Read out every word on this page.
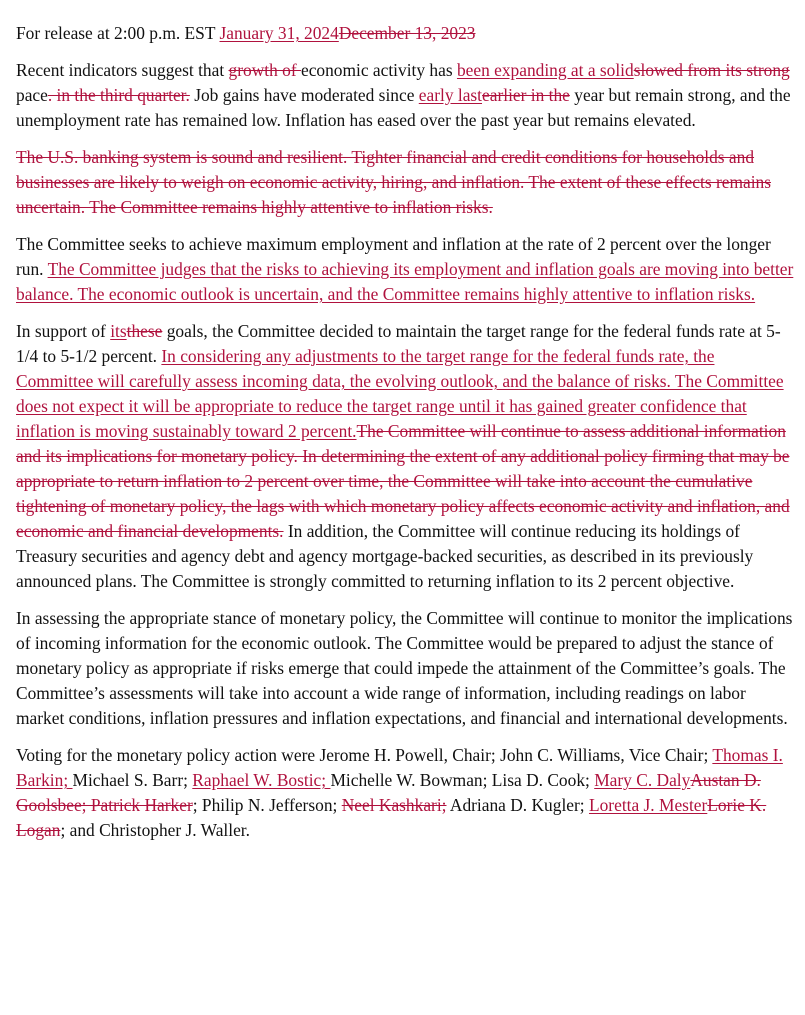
For release at 2:00 p.m. EST January 31, 2024December 13, 2023

Recent indicators suggest that growth of economic activity has been expanding at a solidslowed from its strong pace. in the third quarter. Job gains have moderated since early lastearlier in the year but remain strong, and the unemployment rate has remained low. Inflation has eased over the past year but remains elevated.

The U.S. banking system is sound and resilient. Tighter financial and credit conditions for households and businesses are likely to weigh on economic activity, hiring, and inflation. The extent of these effects remains uncertain. The Committee remains highly attentive to inflation risks.

The Committee seeks to achieve maximum employment and inflation at the rate of 2 percent over the longer run. The Committee judges that the risks to achieving its employment and inflation goals are moving into better balance. The economic outlook is uncertain, and the Committee remains highly attentive to inflation risks.

In support of itsthese goals, the Committee decided to maintain the target range for the federal funds rate at 5-1/4 to 5-1/2 percent. In considering any adjustments to the target range for the federal funds rate, the Committee will carefully assess incoming data, the evolving outlook, and the balance of risks. The Committee does not expect it will be appropriate to reduce the target range until it has gained greater confidence that inflation is moving sustainably toward 2 percent.The Committee will continue to assess additional information and its implications for monetary policy. In determining the extent of any additional policy firming that may be appropriate to return inflation to 2 percent over time, the Committee will take into account the cumulative tightening of monetary policy, the lags with which monetary policy affects economic activity and inflation, and economic and financial developments. In addition, the Committee will continue reducing its holdings of Treasury securities and agency debt and agency mortgage-backed securities, as described in its previously announced plans. The Committee is strongly committed to returning inflation to its 2 percent objective.

In assessing the appropriate stance of monetary policy, the Committee will continue to monitor the implications of incoming information for the economic outlook. The Committee would be prepared to adjust the stance of monetary policy as appropriate if risks emerge that could impede the attainment of the Committee’s goals. The Committee’s assessments will take into account a wide range of information, including readings on labor market conditions, inflation pressures and inflation expectations, and financial and international developments.

Voting for the monetary policy action were Jerome H. Powell, Chair; John C. Williams, Vice Chair; Thomas I. Barkin; Michael S. Barr; Raphael W. Bostic; Michelle W. Bowman; Lisa D. Cook; Mary C. DalyAustan D. Goolsbee; Patrick Harker; Philip N. Jefferson; Neel Kashkari; Adriana D. Kugler; Loretta J. MesterLorie K. Logan; and Christopher J. Waller.
